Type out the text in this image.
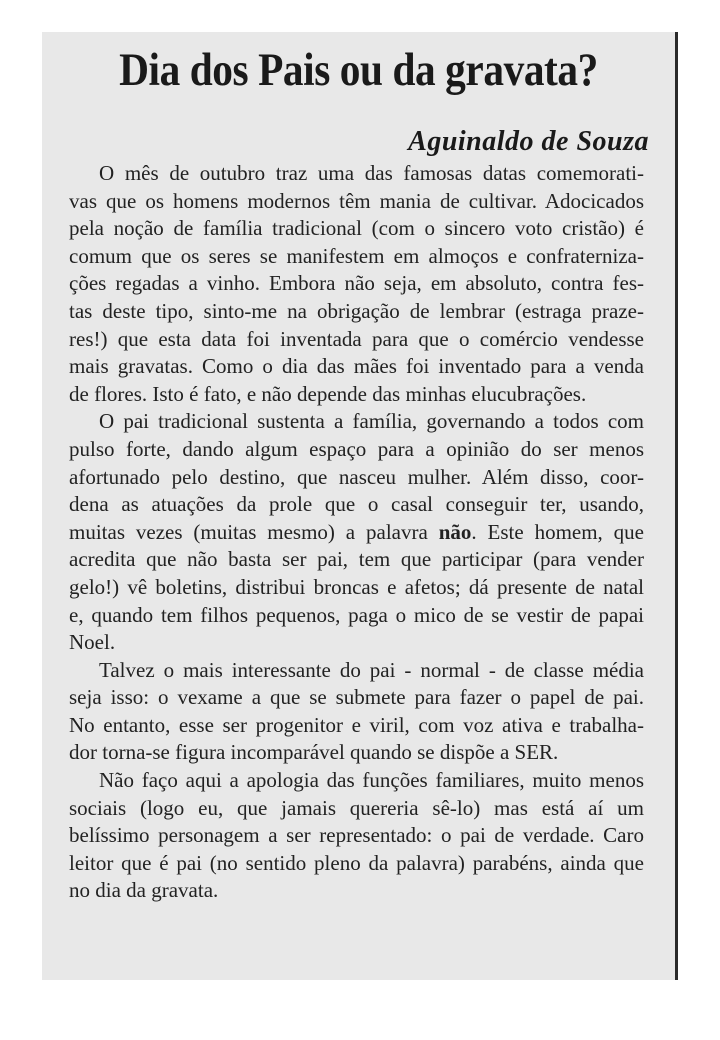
Dia dos Pais ou da gravata?
Aguinaldo de Souza
O mês de outubro traz uma das famosas datas comemorati-
vas que os homens modernos têm mania de cultivar. Adocicados
pela noção de família tradicional (com o sincero voto cristão) é
comum que os seres se manifestem em almoços e confraterniza-
ções regadas a vinho. Embora não seja, em absoluto, contra fes-
tas deste tipo, sinto-me na obrigação de lembrar (estraga praze-
res!) que esta data foi inventada para que o comércio vendesse
mais gravatas. Como o dia das mães foi inventado para a venda
de flores. Isto é fato, e não depende das minhas elucubrações.
O pai tradicional sustenta a família, governando a todos com
pulso forte, dando algum espaço para a opinião do ser menos
afortunado pelo destino, que nasceu mulher. Além disso, coor-
dena as atuações da prole que o casal conseguir ter, usando,
muitas vezes (muitas mesmo) a palavra não. Este homem, que
acredita que não basta ser pai, tem que participar (para vender
gelo!) vê boletins, distribui broncas e afetos; dá presente de natal
e, quando tem filhos pequenos, paga o mico de se vestir de papai
Noel.
Talvez o mais interessante do pai - normal - de classe média
seja isso: o vexame a que se submete para fazer o papel de pai.
No entanto, esse ser progenitor e viril, com voz ativa e trabalha-
dor torna-se figura incomparável quando se dispõe a SER.
Não faço aqui a apologia das funções familiares, muito menos
sociais (logo eu, que jamais quereria sê-lo) mas está aí um
belíssimo personagem a ser representado: o pai de verdade. Caro
leitor que é pai (no sentido pleno da palavra) parabéns, ainda que
no dia da gravata.
